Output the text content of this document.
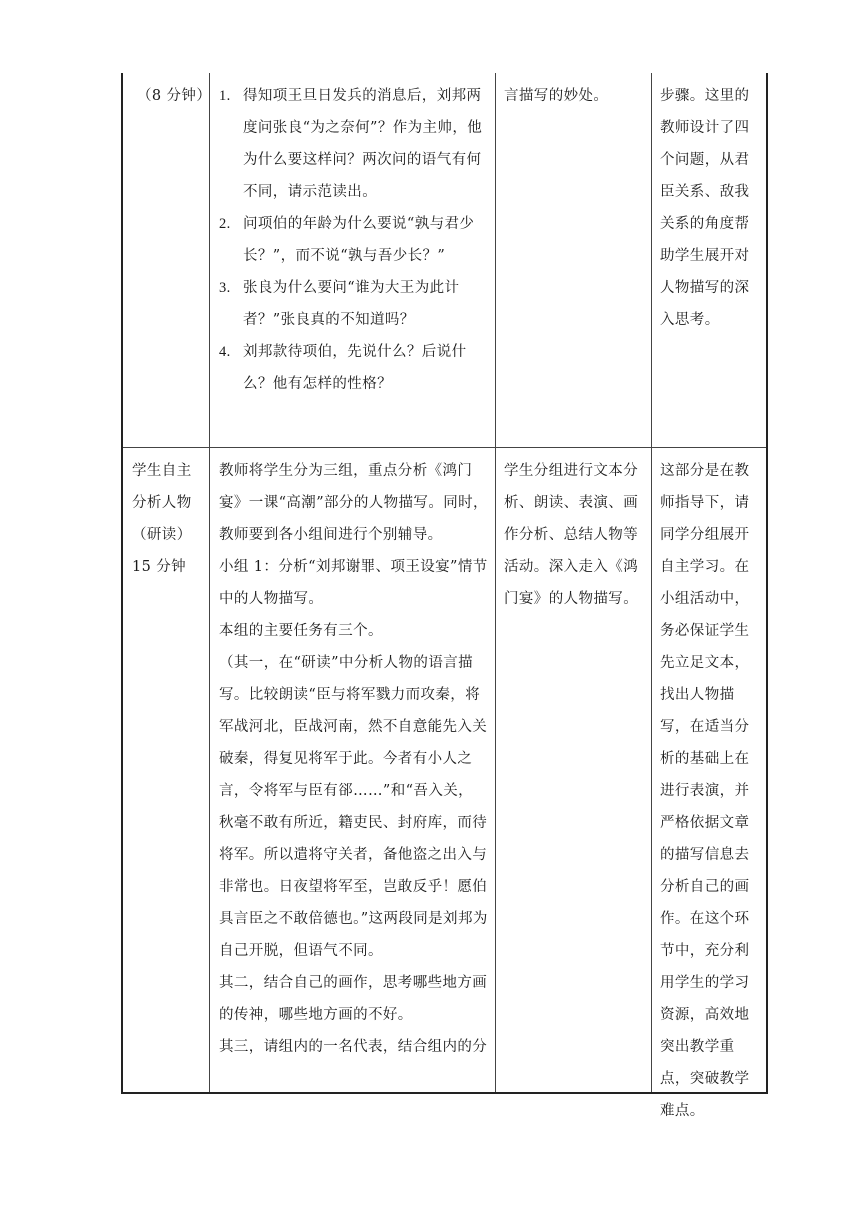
（8 分钟） 1. 得知项王旦日发兵的消息后，刘邦两度问张良“为之奈何”？作为主帅，他为什么要这样问？两次问的语气有何不同，请示范读出。
2. 问项伯的年龄为什么要说“孰与君少长？”，而不说“孰与吾少长？”
3. 张良为什么要问“谁为大王为此计者？”张良真的不知道吗？
4. 刘邦款待项伯，先说什么？后说什么？他有怎样的性格？
言描写的妙处。	步骤。这里的教师设计了四个问题，从君臣关系、敌我关系的角度帮助学生展开对人物描写的深入思考。
学生自主分析人物（研读）15 分钟

教师将学生分为三组，重点分析《鸿门宴》一课“高潮”部分的人物描写。同时，教师要到各小组间进行个别辅导。

小组 1：分析“刘邦谢罪、项王设宴”情节中的人物描写。

本组的主要任务有三个。

（其一，在“研读”中分析人物的语言描写。比较朗读“臣与将军戮力而攻秦，将军战河北，臣战河南，然不自意能先入关破秦，得复见将军于此。今者有小人之言，令将军与臣有郤……”和“吾入关， 秋毫不敢有所近，籍吏民、封府库，而待将军。所以遣将守关者，备他盗之出入与非常也。日夜望将军至，岂敢反乎！愿伯具言臣之不敢倍德也。”这两段同是刘邦为自己开脱，但语气不同。

其二，结合自己的画作，思考哪些地方画的传神，哪些地方画的不好。

其三，请组内的一名代表，结合组内的分

学生分组进行文本分析、朗读、表演、画作分析、总结人物等活动。深入走入《鸿门宴》的人物描写。
这部分是在教师指导下，请同学分组展开自主学习。在小组活动中，务必保证学生先立足文本，找出人物描写，在适当分析的基础上在进行表演，并严格依据文章的描写信息去分析自己的画作。在这个环节中，充分利用学生的学习资源，高效地突出教学重点，突破教学难点。
